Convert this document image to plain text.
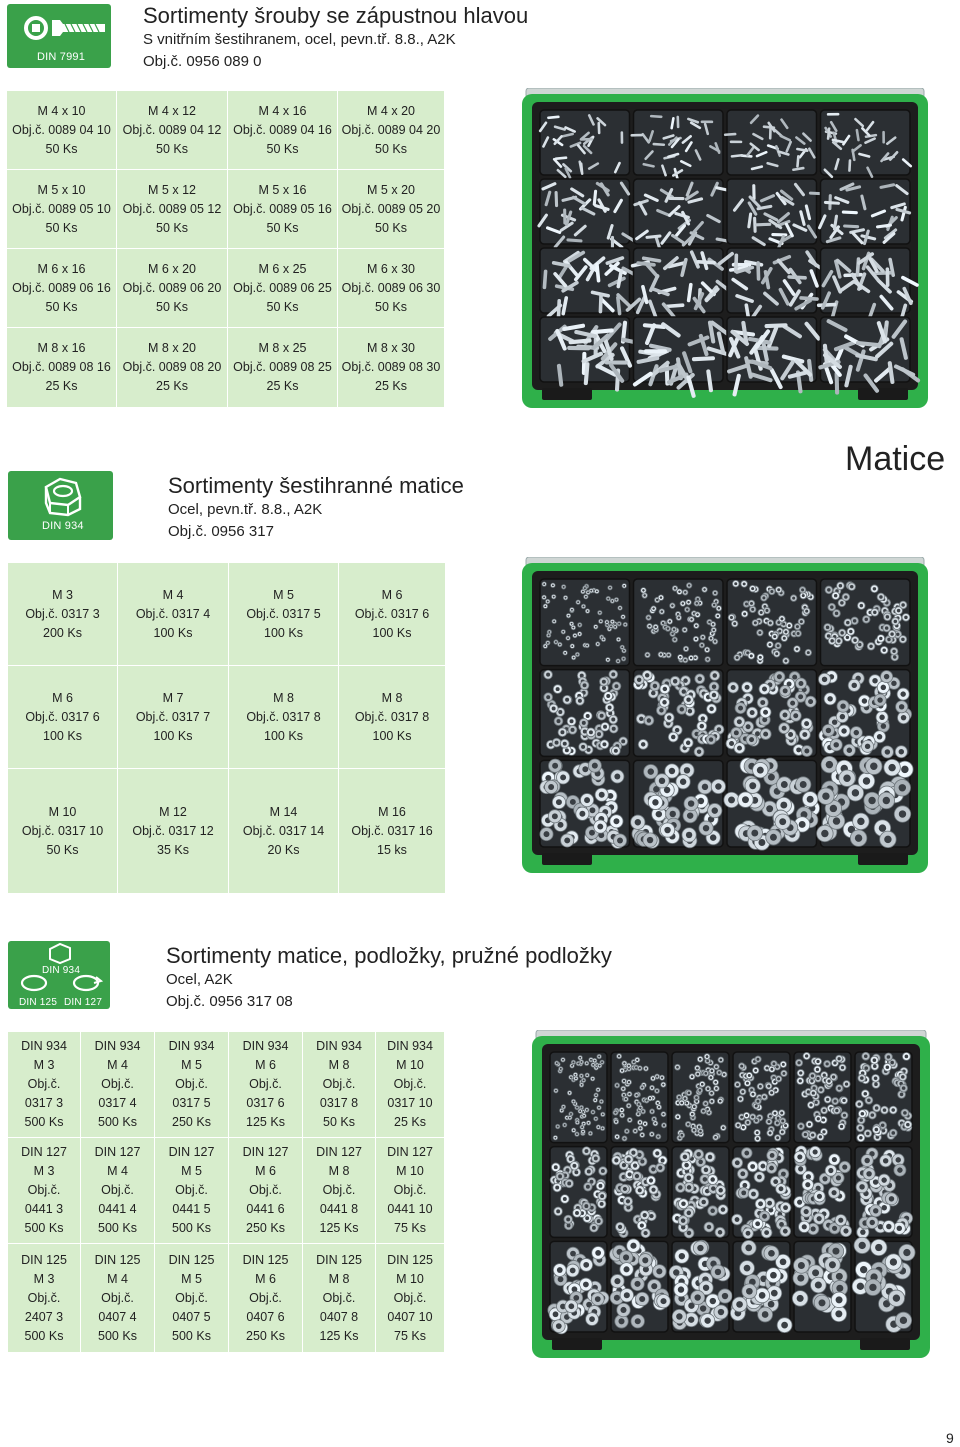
DIN 7991
Sortimenty šrouby se zápustnou hlavou
S vnitřním šestihranem, ocel, pevn.tř. 8.8., A2K
Obj.č. 0956 089 0
M 4 x 10
Obj.č. 0089 04 10
50 Ks
M 4 x 12
Obj.č. 0089 04 12
50 Ks
M 4 x 16
Obj.č. 0089 04 16
50 Ks
M 4 x 20
Obj.č. 0089 04 20
50 Ks
M 5 x 10
Obj.č. 0089 05 10
50 Ks
M 5 x 12
Obj.č. 0089 05 12
50 Ks
M 5 x 16
Obj.č. 0089 05 16
50 Ks
M 5 x 20
Obj.č. 0089 05 20
50 Ks
M 6 x 16
Obj.č. 0089 06 16
50 Ks
M 6 x 20
Obj.č. 0089 06 20
50 Ks
M 6 x 25
Obj.č. 0089 06 25
50 Ks
M 6 x 30
Obj.č. 0089 06 30
50 Ks
M 8 x 16
Obj.č. 0089 08 16
25 Ks
M 8 x 20
Obj.č. 0089 08 20
25 Ks
M 8 x 25
Obj.č. 0089 08 25
25 Ks
M 8 x 30
Obj.č. 0089 08 30
25 Ks
Matice
DIN 934
Sortimenty šestihranné matice
Ocel, pevn.tř. 8.8., A2K
Obj.č. 0956 317
M 3
Obj.č. 0317 3
200 Ks
M 4
Obj.č. 0317 4
100 Ks
M 5
Obj.č. 0317 5
100 Ks
M 6
Obj.č. 0317 6
100 Ks
M 6
Obj.č. 0317 6
100 Ks
M 7
Obj.č. 0317 7
100 Ks
M 8
Obj.č. 0317 8
100 Ks
M 8
Obj.č. 0317 8
100 Ks
M 10
Obj.č. 0317 10
50 Ks
M 12
Obj.č. 0317 12
35 Ks
M 14
Obj.č. 0317 14
20 Ks
M 16
Obj.č. 0317 16
15 ks
DIN 934
DIN 125 DIN 127
Sortimenty matice, podložky, pružné podložky
Ocel, A2K
Obj.č. 0956 317 08
DIN 934
M 3
Obj.č.
0317 3
500 Ks
DIN 934
M 4
Obj.č.
0317 4
500 Ks
DIN 934
M 5
Obj.č.
0317 5
250 Ks
DIN 934
M 6
Obj.č.
0317 6
125 Ks
DIN 934
M 8
Obj.č.
0317 8
50 Ks
DIN 934
M 10
Obj.č.
0317 10
25 Ks
DIN 127
M 3
Obj.č.
0441 3
500 Ks
DIN 127
M 4
Obj.č.
0441 4
500 Ks
DIN 127
M 5
Obj.č.
0441 5
500 Ks
DIN 127
M 6
Obj.č.
0441 6
250 Ks
DIN 127
M 8
Obj.č.
0441 8
125 Ks
DIN 127
M 10
Obj.č.
0441 10
75 Ks
DIN 125
M 3
Obj.č.
2407 3
500 Ks
DIN 125
M 4
Obj.č.
0407 4
500 Ks
DIN 125
M 5
Obj.č.
0407 5
500 Ks
DIN 125
M 6
Obj.č.
0407 6
250 Ks
DIN 125
M 8
Obj.č.
0407 8
125 Ks
DIN 125
M 10
Obj.č.
0407 10
75 Ks
9
